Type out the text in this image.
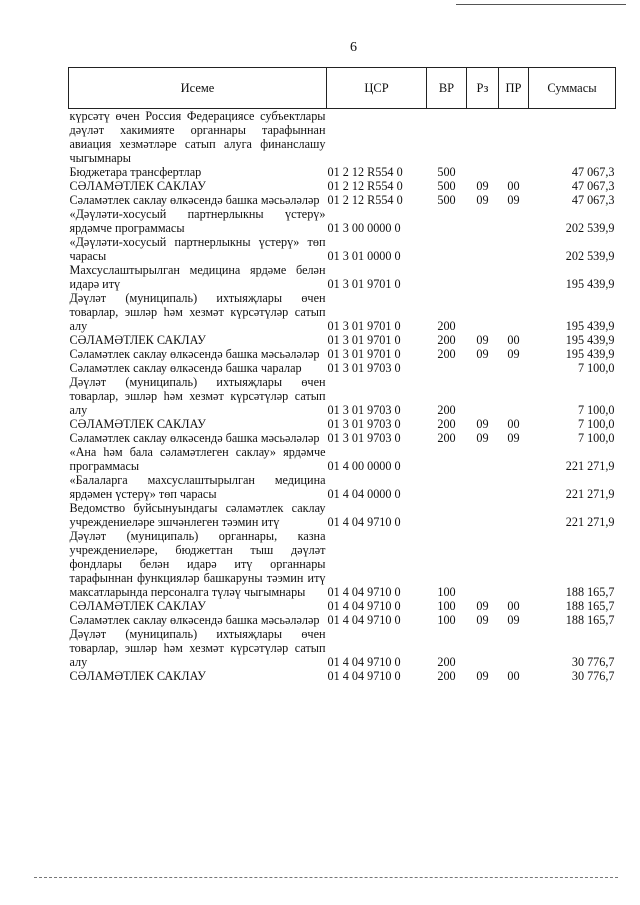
6
Исеме	ЦСР	ВР	Рз	ПР	Суммасы
күрсәтү өчен Россия Федерациясе субъектлары дәүләт хакимияте органнары тарафыннан авиация хезмәтләре сатып алуга финанслашу чыгымнары					
Бюджетара трансфертлар	01 2 12 R554 0	500			47 067,3
СӘЛАМӘТЛЕК САКЛАУ	01 2 12 R554 0	500	09	00	47 067,3
Сәламәтлек саклау өлкәсендә башка мәсьәләләр	01 2 12 R554 0	500	09	09	47 067,3
«Дәүләти-хосусый партнерлыкны үстерү» ярдәмче программасы	01 3 00 0000 0				202 539,9
«Дәүләти-хосусый партнерлыкны үстерү» төп чарасы	01 3 01 0000 0				202 539,9
Махсуслаштырылган медицина ярдәме белән идарә итү	01 3 01 9701 0				195 439,9
Дәүләт (муниципаль) ихтыяҗлары өчен товарлар, эшләр һәм хезмәт күрсәтүләр сатып алу	01 3 01 9701 0	200			195 439,9
СӘЛАМӘТЛЕК САКЛАУ	01 3 01 9701 0	200	09	00	195 439,9
Сәламәтлек саклау өлкәсендә башка мәсьәләләр	01 3 01 9701 0	200	09	09	195 439,9
Сәламәтлек саклау өлкәсендә башка чаралар	01 3 01 9703 0				7 100,0
Дәүләт (муниципаль) ихтыяҗлары өчен товарлар, эшләр һәм хезмәт күрсәтүләр сатып алу	01 3 01 9703 0	200			7 100,0
СӘЛАМӘТЛЕК САКЛАУ	01 3 01 9703 0	200	09	00	7 100,0
Сәламәтлек саклау өлкәсендә башка мәсьәләләр	01 3 01 9703 0	200	09	09	7 100,0
«Ана һәм бала сәламәтлеген саклау» ярдәмче программасы	01 4 00 0000 0				221 271,9
«Балаларга махсуслаштырылган медицина ярдәмен үстерү» төп чарасы	01 4 04 0000 0				221 271,9
Ведомство буйсынуындагы сәламәтлек саклау учреждениеләре эшчәнлеген тәэмин итү	01 4 04 9710 0				221 271,9
Дәүләт (муниципаль) органнары, казна учреждениеләре, бюджеттан тыш дәүләт фондлары белән идарә итү органнары тарафыннан функцияләр башкаруны тәэмин итү максатларында персоналга түләү чыгымнары	01 4 04 9710 0	100			188 165,7
СӘЛАМӘТЛЕК САКЛАУ	01 4 04 9710 0	100	09	00	188 165,7
Сәламәтлек саклау өлкәсендә башка мәсьәләләр	01 4 04 9710 0	100	09	09	188 165,7
Дәүләт (муниципаль) ихтыяҗлары өчен товарлар, эшләр һәм хезмәт күрсәтүләр сатып алу	01 4 04 9710 0	200			30 776,7
СӘЛАМӘТЛЕК САКЛАУ	01 4 04 9710 0	200	09	00	30 776,7
